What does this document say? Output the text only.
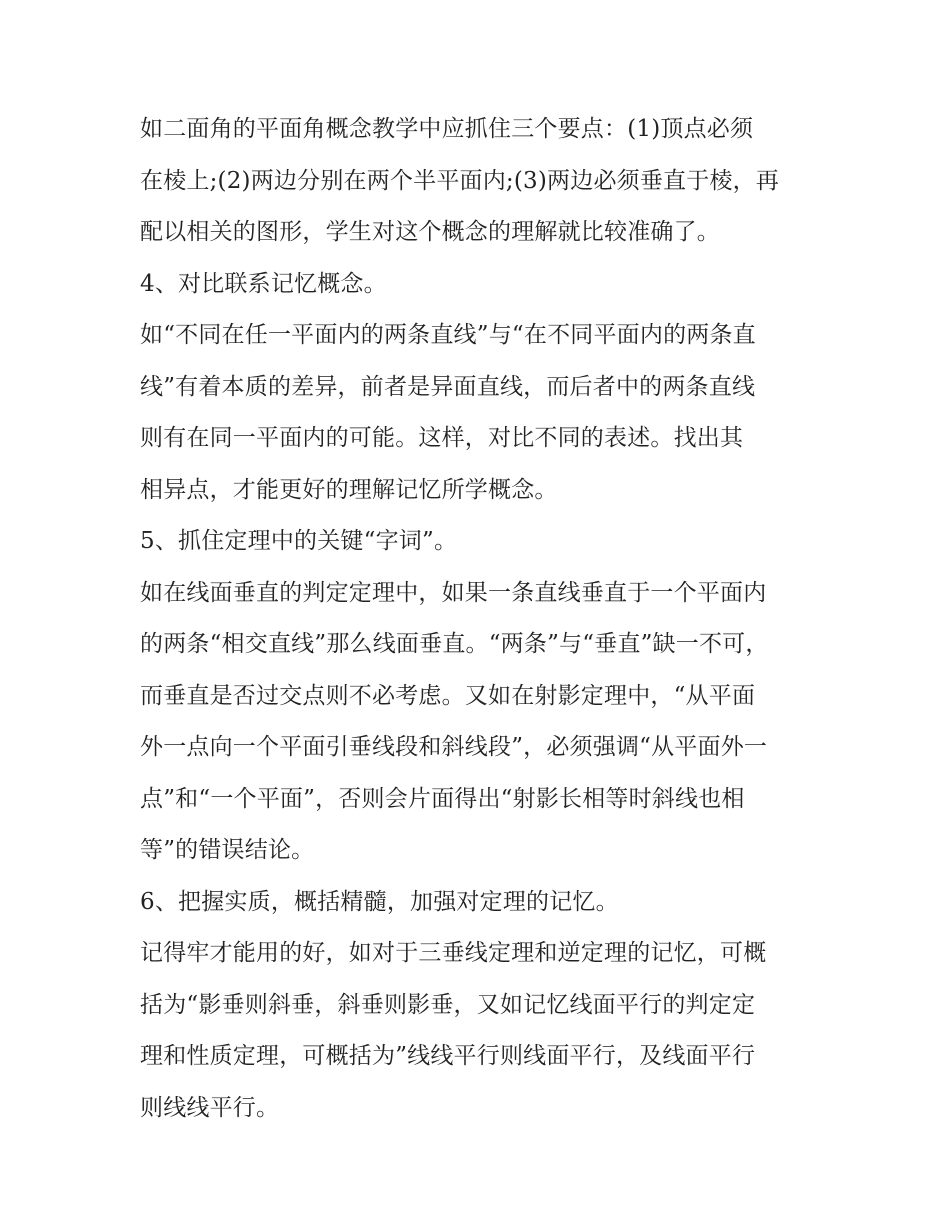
如二面角的平面角概念教学中应抓住三个要点：(1)顶点必须
在棱上;(2)两边分别在两个半平面内;(3)两边必须垂直于棱，再
配以相关的图形，学生对这个概念的理解就比较准确了。
4、对比联系记忆概念。
如“不同在任一平面内的两条直线”与“在不同平面内的两条直
线”有着本质的差异，前者是异面直线，而后者中的两条直线
则有在同一平面内的可能。这样，对比不同的表述。找出其
相异点，才能更好的理解记忆所学概念。
5、抓住定理中的关键“字词”。
如在线面垂直的判定定理中，如果一条直线垂直于一个平面内
的两条“相交直线”那么线面垂直。“两条”与“垂直”缺一不可，
而垂直是否过交点则不必考虑。又如在射影定理中，“从平面
外一点向一个平面引垂线段和斜线段”，必须强调“从平面外一
点”和“一个平面”，否则会片面得出“射影长相等时斜线也相
等”的错误结论。
6、把握实质，概括精髓，加强对定理的记忆。
记得牢才能用的好，如对于三垂线定理和逆定理的记忆，可概
括为“影垂则斜垂，斜垂则影垂，又如记忆线面平行的判定定
理和性质定理，可概括为”线线平行则线面平行，及线面平行
则线线平行。
